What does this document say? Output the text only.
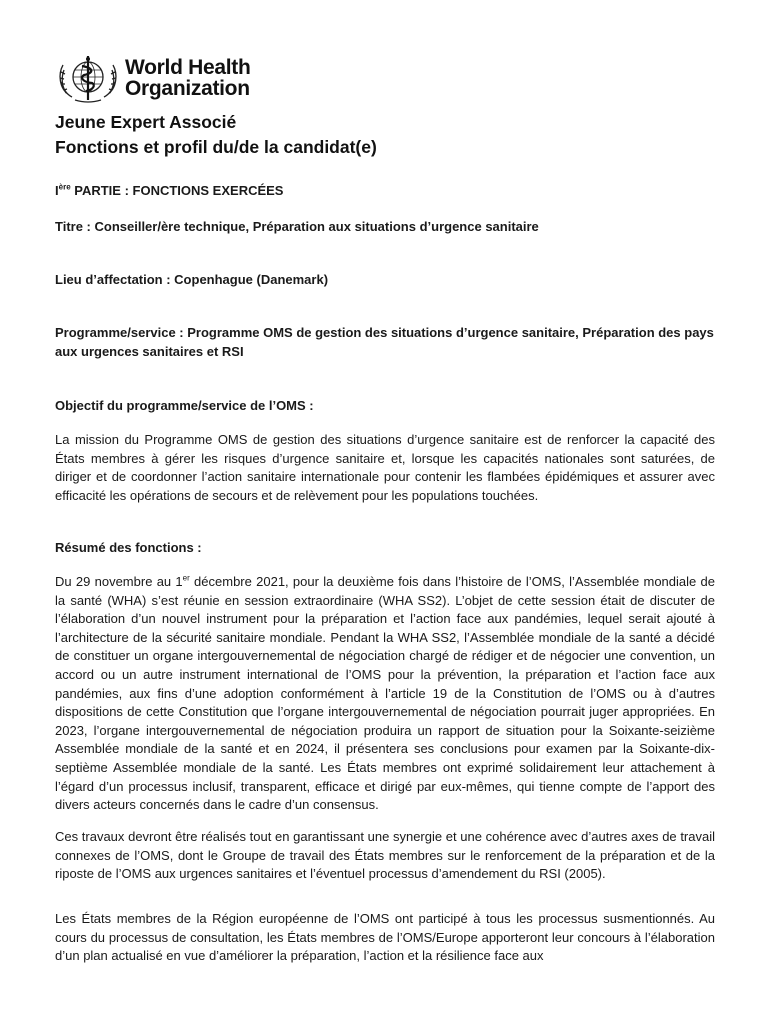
World Health
Organization
Jeune Expert Associé
Fonctions et profil du/de la candidat(e)
Ière PARTIE : FONCTIONS EXERCÉES
Titre : Conseiller/ère technique, Préparation aux situations d’urgence sanitaire
Lieu d’affectation : Copenhague (Danemark)
Programme/service : Programme OMS de gestion des situations d’urgence sanitaire, Préparation des pays aux urgences sanitaires et RSI
Objectif du programme/service de l’OMS :
La mission du Programme OMS de gestion des situations d’urgence sanitaire est de renforcer la capacité des États membres à gérer les risques d’urgence sanitaire et, lorsque les capacités nationales sont saturées, de diriger et de coordonner l’action sanitaire internationale pour contenir les flambées épidémiques et assurer avec efficacité les opérations de secours et de relèvement pour les populations touchées.
Résumé des fonctions :
Du 29 novembre au 1er décembre 2021, pour la deuxième fois dans l’histoire de l’OMS, l’Assemblée mondiale de la santé (WHA) s’est réunie en session extraordinaire (WHA SS2). L’objet de cette session était de discuter de l’élaboration d’un nouvel instrument pour la préparation et l’action face aux pandémies, lequel serait ajouté à l’architecture de la sécurité sanitaire mondiale. Pendant la WHA SS2, l’Assemblée mondiale de la santé a décidé de constituer un organe intergouvernemental de négociation chargé de rédiger et de négocier une convention, un accord ou un autre instrument international de l’OMS pour la prévention, la préparation et l’action face aux pandémies, aux fins d’une adoption conformément à l’article 19 de la Constitution de l’OMS ou à d’autres dispositions de cette Constitution que l’organe intergouvernemental de négociation pourrait juger appropriées. En 2023, l’organe intergouvernemental de négociation produira un rapport de situation pour la Soixante-seizième Assemblée mondiale de la santé et en 2024, il présentera ses conclusions pour examen par la Soixante-dix-septième Assemblée mondiale de la santé. Les États membres ont exprimé solidairement leur attachement à l’égard d’un processus inclusif, transparent, efficace et dirigé par eux-mêmes, qui tienne compte de l’apport des divers acteurs concernés dans le cadre d’un consensus.
Ces travaux devront être réalisés tout en garantissant une synergie et une cohérence avec d’autres axes de travail connexes de l’OMS, dont le Groupe de travail des États membres sur le renforcement de la préparation et de la riposte de l’OMS aux urgences sanitaires et l’éventuel processus d’amendement du RSI (2005).
Les États membres de la Région européenne de l’OMS ont participé à tous les processus susmentionnés. Au cours du processus de consultation, les États membres de l’OMS/Europe apporteront leur concours à l’élaboration d’un plan actualisé en vue d’améliorer la préparation, l’action et la résilience face aux
